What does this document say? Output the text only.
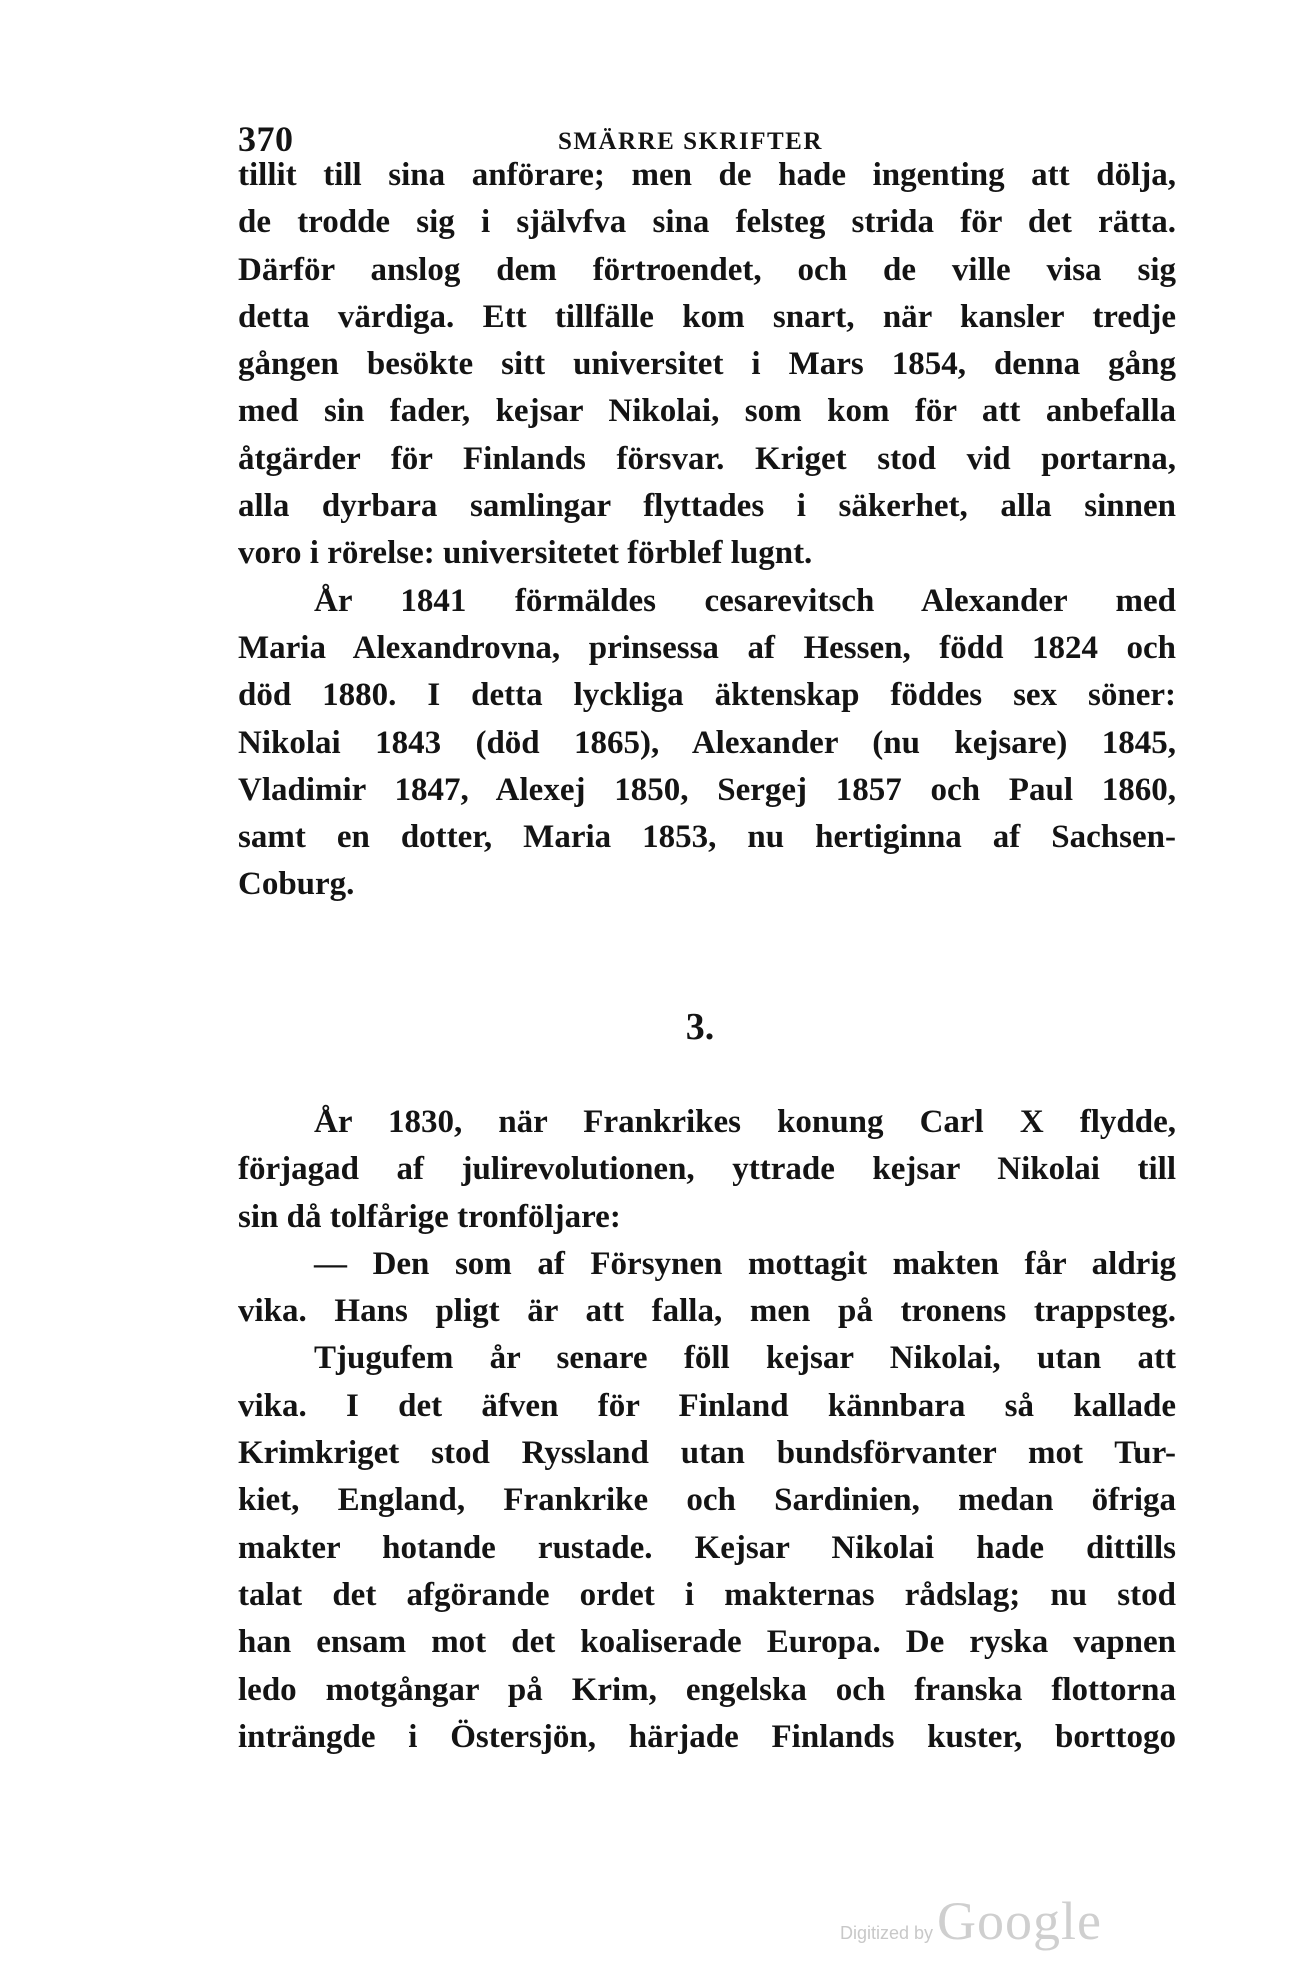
370	SMÄRRE SKRIFTER
tillit till sina anförare; men de hade ingenting att dölja,
de trodde sig i självfva sina felsteg strida för det rätta.
Därför anslog dem förtroendet, och de ville visa sig
detta värdiga. Ett tillfälle kom snart, när kansler tredje
gången besökte sitt universitet i Mars 1854, denna gång
med sin fader, kejsar Nikolai, som kom för att anbefalla
åtgärder för Finlands försvar. Kriget stod vid portarna,
alla dyrbara samlingar flyttades i säkerhet, alla sinnen
voro i rörelse: universitetet förblef lugnt.
År 1841 förmäldes cesarevitsch Alexander med
Maria Alexandrovna, prinsessa af Hessen, född 1824 och
död 1880. I detta lyckliga äktenskap föddes sex söner:
Nikolai 1843 (död 1865), Alexander (nu kejsare) 1845,
Vladimir 1847, Alexej 1850, Sergej 1857 och Paul 1860,
samt en dotter, Maria 1853, nu hertiginna af Sachsen-
Coburg.
3.
År 1830, när Frankrikes konung Carl X flydde,
förjagad af julirevolutionen, yttrade kejsar Nikolai till
sin då tolfårige tronföljare:
— Den som af Försynen mottagit makten får aldrig
vika. Hans pligt är att falla, men på tronens trappsteg.
Tjugufem år senare föll kejsar Nikolai, utan att
vika. I det äfven för Finland kännbara så kallade
Krimkriget stod Ryssland utan bundsförvanter mot Tur-
kiet, England, Frankrike och Sardinien, medan öfriga
makter hotande rustade. Kejsar Nikolai hade dittills
talat det afgörande ordet i makternas rådslag; nu stod
han ensam mot det koaliserade Europa. De ryska vapnen
ledo motgångar på Krim, engelska och franska flottorna
inträngde i Östersjön, härjade Finlands kuster, borttogo
Digitized by Google
